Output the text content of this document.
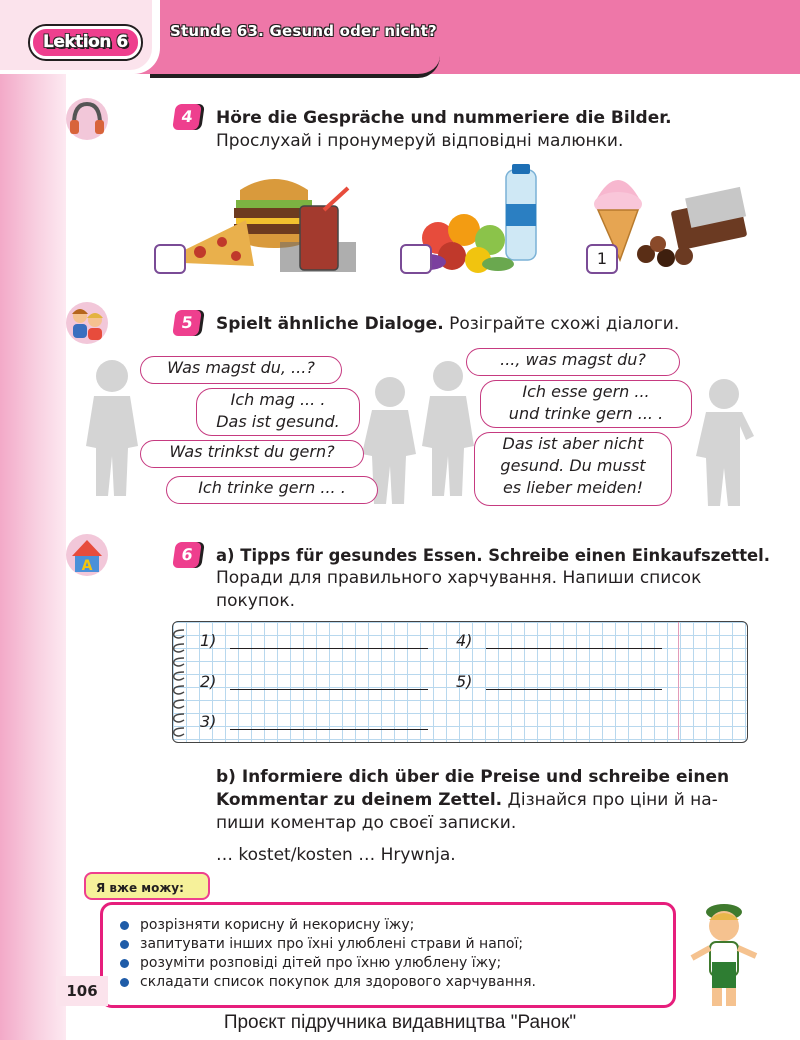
Lektion 6
Stunde 63. Gesund oder nicht?
4	Höre die Gespräche und nummeriere die Bilder.
Прослухай і пронумеруй відповідні малюнки.
1
5	Spielt ähnliche Dialoge. Розіграйте схожі діалоги.
Was magst du, ...?
Ich mag ... .
Das ist gesund.
Was trinkst du gern?
Ich trinke gern ... .
..., was magst du?
Ich esse gern ...
und trinke gern ... .
Das ist aber nicht
gesund. Du musst
es lieber meiden!
A
6	a) Tipps für gesundes Essen. Schreibe einen Einkaufszettel.
Поради для правильного харчування. Напиши список
покупок.
1)
2)
3)
4)
5)
b) Informiere dich über die Preise und schreibe einen
Kommentar zu deinem Zettel. Дізнайся про ціни й на-
пиши коментар до своєї записки.
… kostet/kosten … Hrywnja.
Я вже можу:
розрізняти корисну й некорисну їжу;
запитувати інших про їхні улюблені страви й напої;
розуміти розповіді дітей про їхню улюблену їжу;
складати список покупок для здорового харчування.
106
Проєкт підручника видавництва "Ранок"
